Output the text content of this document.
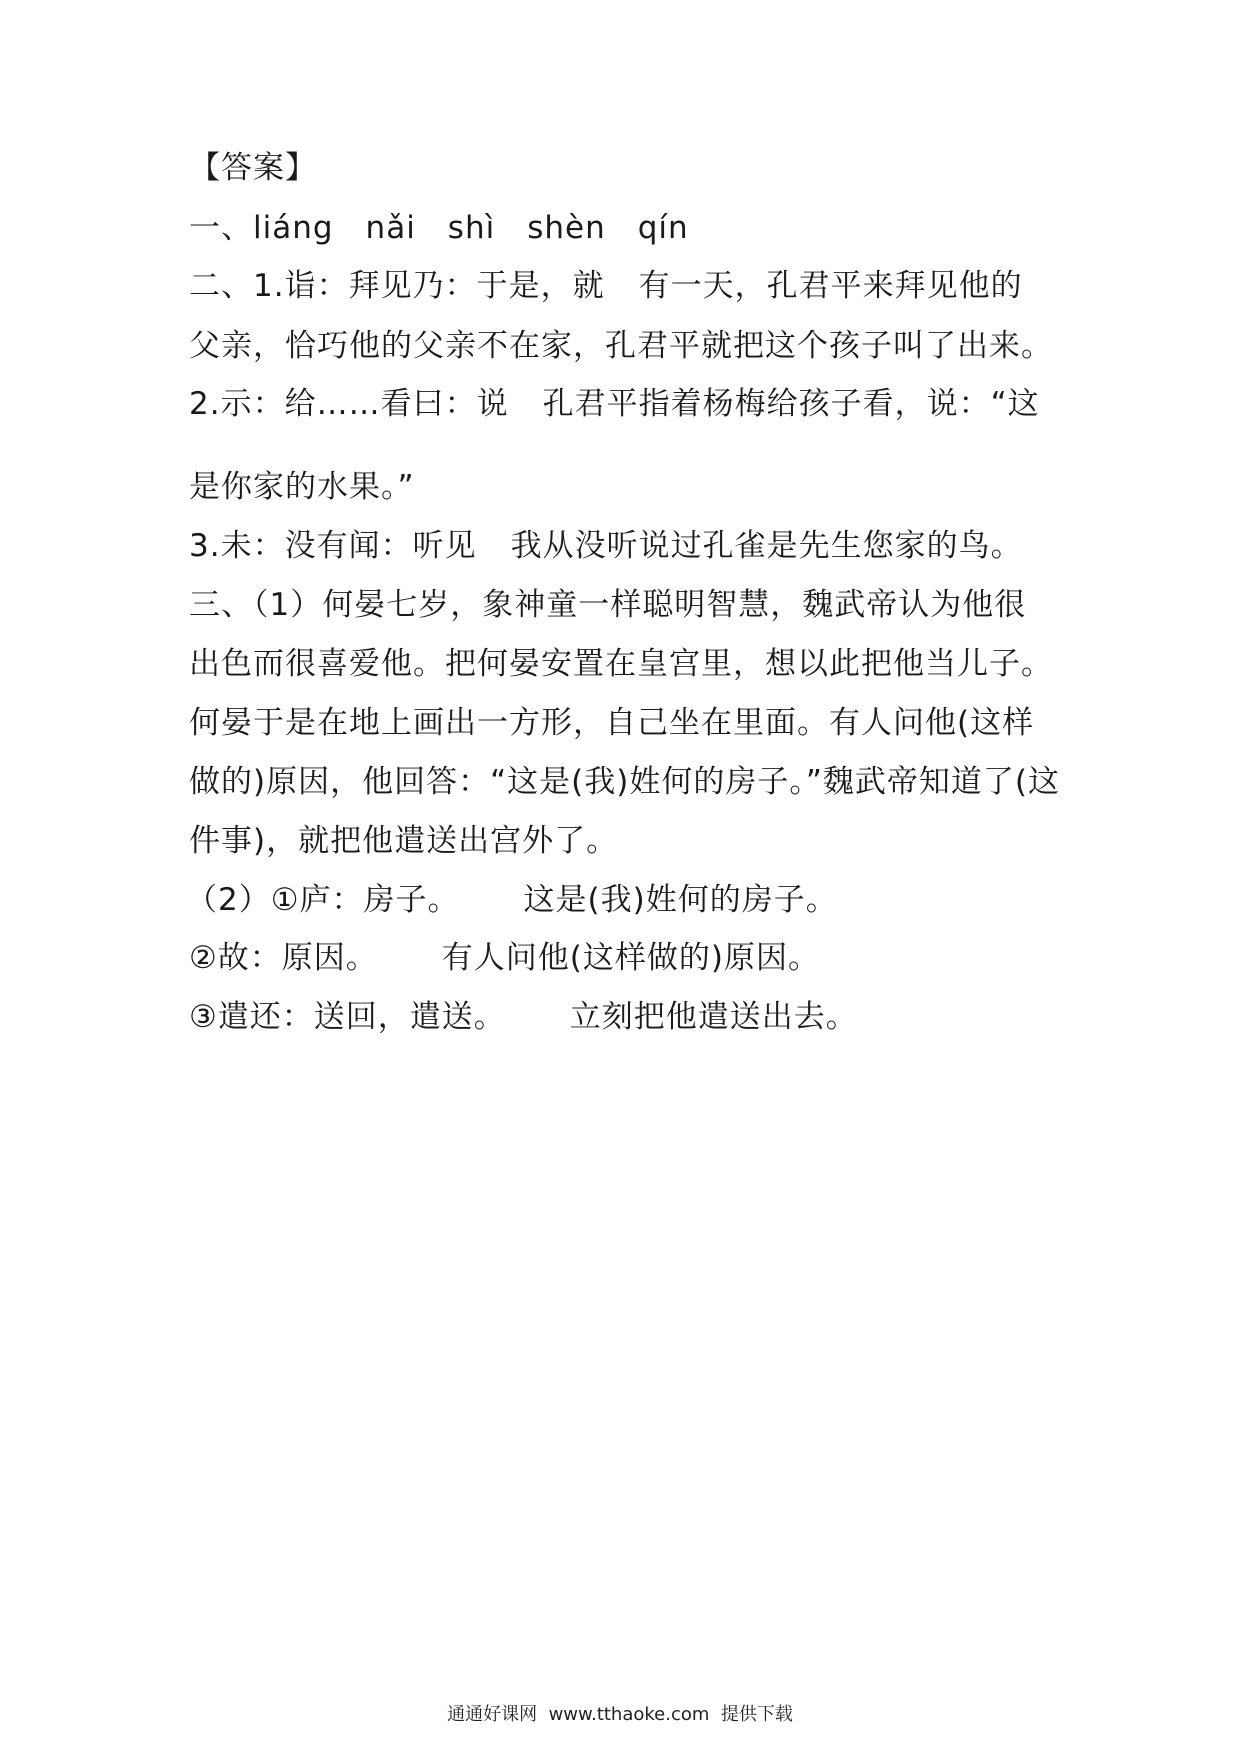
【答案】
一、liáng　nǎi　shì　shèn　qín
二、1.诣：拜见乃：于是，就 有一天，孔君平来拜见他的
父亲，恰巧他的父亲不在家，孔君平就把这个孩子叫了出来。
2.示：给……看曰：说 孔君平指着杨梅给孩子看，说：“这
是你家的水果。”
3.未：没有闻：听见 我从没听说过孔雀是先生您家的鸟。
三、（1）何晏七岁，象神童一样聪明智慧，魏武帝认为他很
出色而很喜爱他。把何晏安置在皇宫里，想以此把他当儿子。
何晏于是在地上画出一方形，自己坐在里面。有人问他(这样
做的)原因，他回答：“这是(我)姓何的房子。”魏武帝知道了(这
件事)，就把他遣送出宫外了。
（2）①庐：房子。 这是(我)姓何的房子。
②故：原因。 有人问他(这样做的)原因。
③遣还：送回，遣送。 立刻把他遣送出去。
通通好课网  www.tthaoke.com  提供下载
